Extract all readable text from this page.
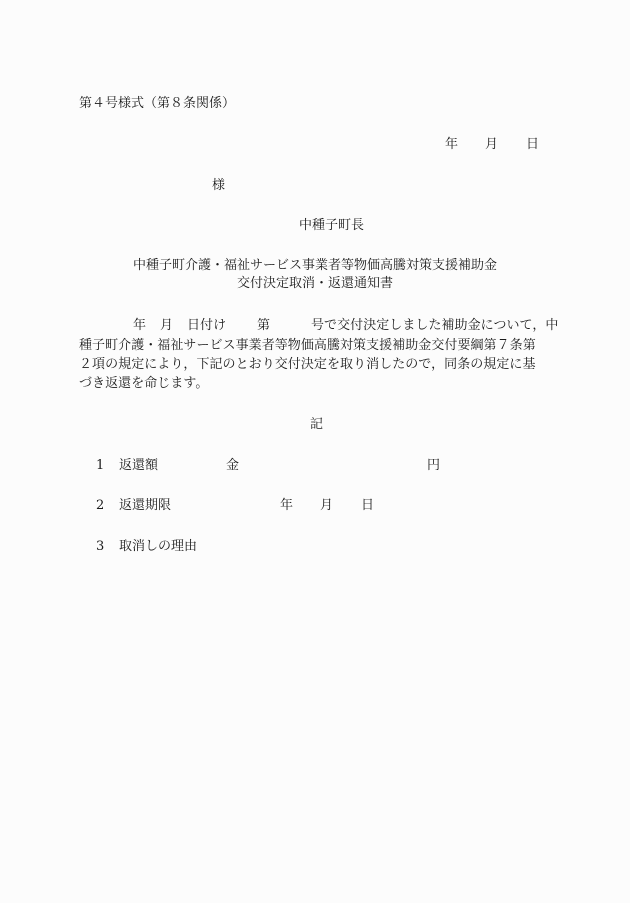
第４号様式（第８条関係）
年 月 日
様
中種子町長
中種子町介護・福祉サービス事業者等物価高騰対策支援補助金
交付決定取消・返還通知書
年 月 日付け 第	号で交付決定しました補助金について，中
種子町介護・福祉サービス事業者等物価高騰対策支援補助金交付要綱第７条第
２項の規定により，下記のとおり交付決定を取り消したので，同条の規定に基
づき返還を命じます。
記
1 返還額	金	円
2 返還期限	年 月 日
3 取消しの理由
